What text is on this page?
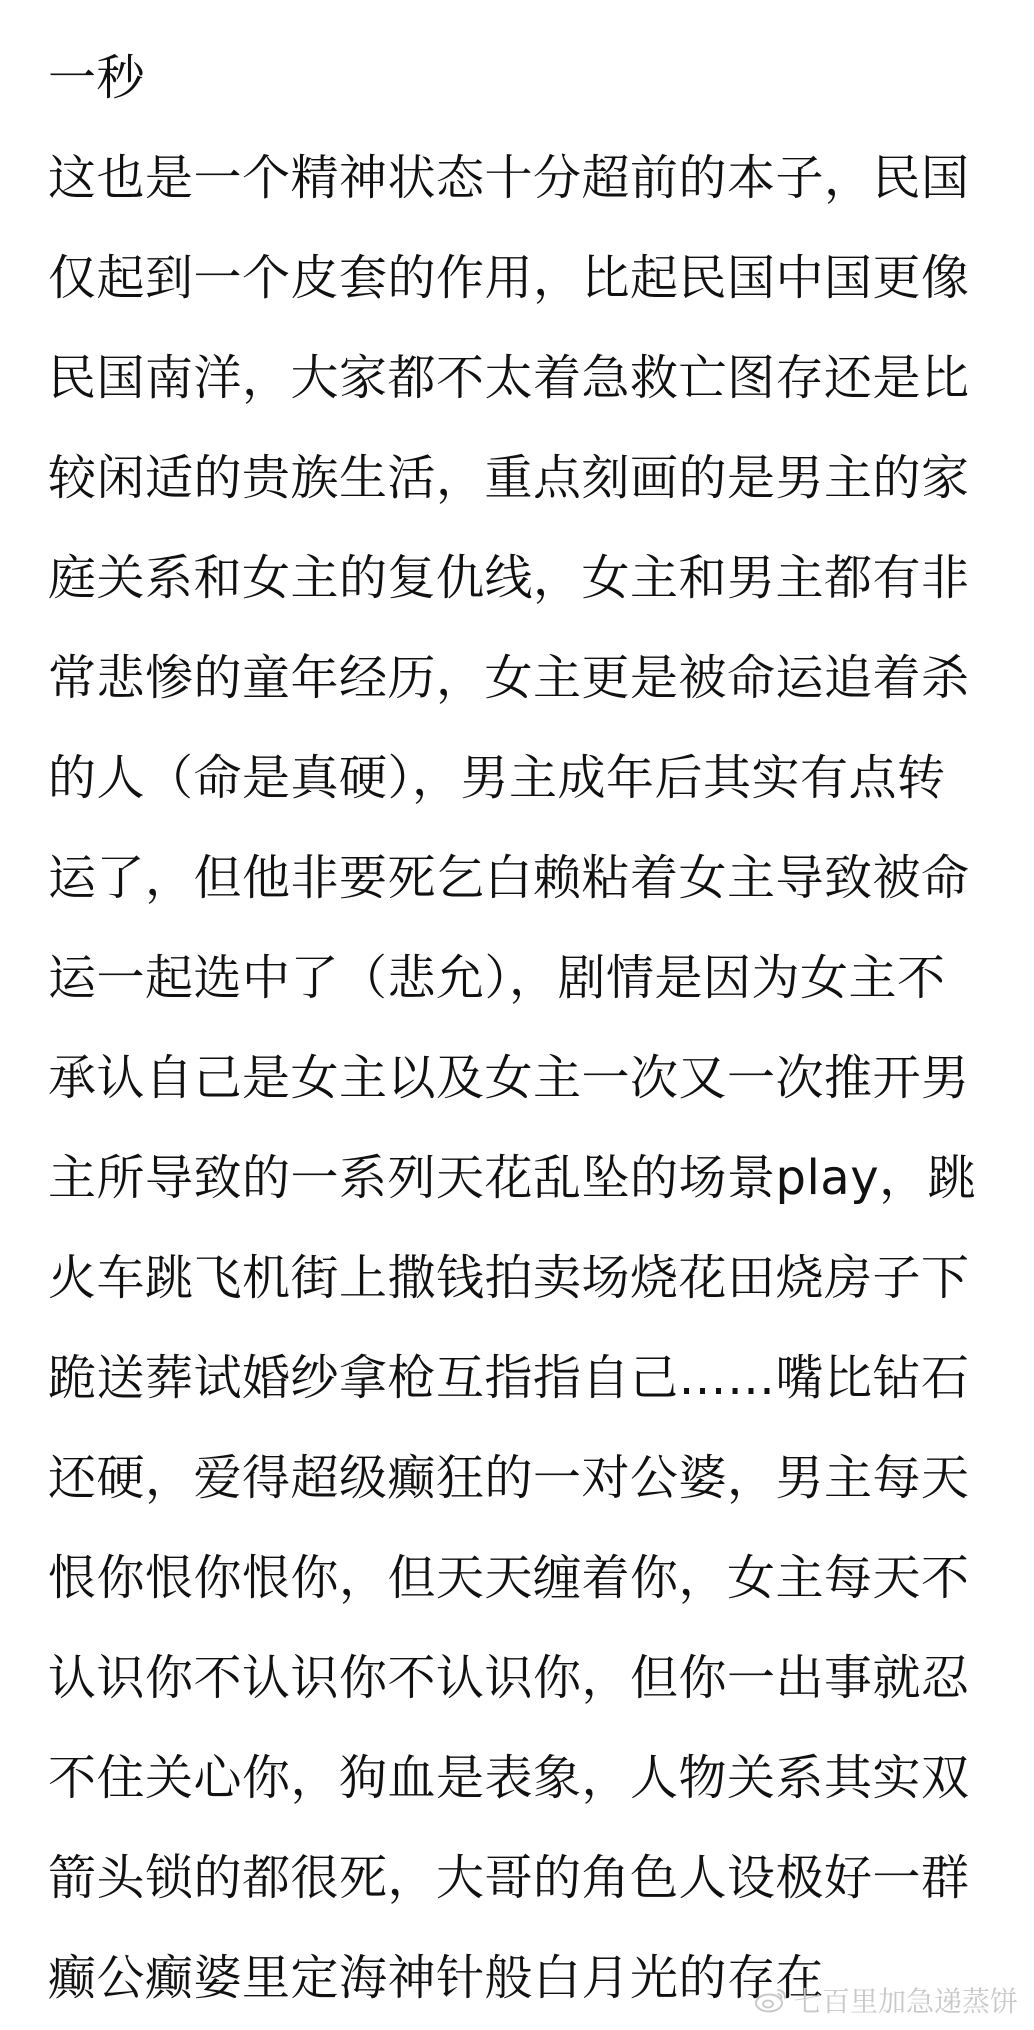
一秒
这也是一个精神状态十分超前的本子，民国
仅起到一个皮套的作用，比起民国中国更像
民国南洋，大家都不太着急救亡图存还是比
较闲适的贵族生活，重点刻画的是男主的家
庭关系和女主的复仇线，女主和男主都有非
常悲惨的童年经历，女主更是被命运追着杀
的人（命是真硬），男主成年后其实有点转
运了，但他非要死乞白赖粘着女主导致被命
运一起选中了（悲允），剧情是因为女主不
承认自己是女主以及女主一次又一次推开男
主所导致的一系列天花乱坠的场景play，跳
火车跳飞机街上撒钱拍卖场烧花田烧房子下
跪送葬试婚纱拿枪互指指自己……嘴比钻石
还硬，爱得超级癫狂的一对公婆，男主每天
恨你恨你恨你，但天天缠着你，女主每天不
认识你不认识你不认识你，但你一出事就忍
不住关心你，狗血是表象，人物关系其实双
箭头锁的都很死，大哥的角色人设极好一群
癫公癫婆里定海神针般白月光的存在
七百里加急递蒸饼
